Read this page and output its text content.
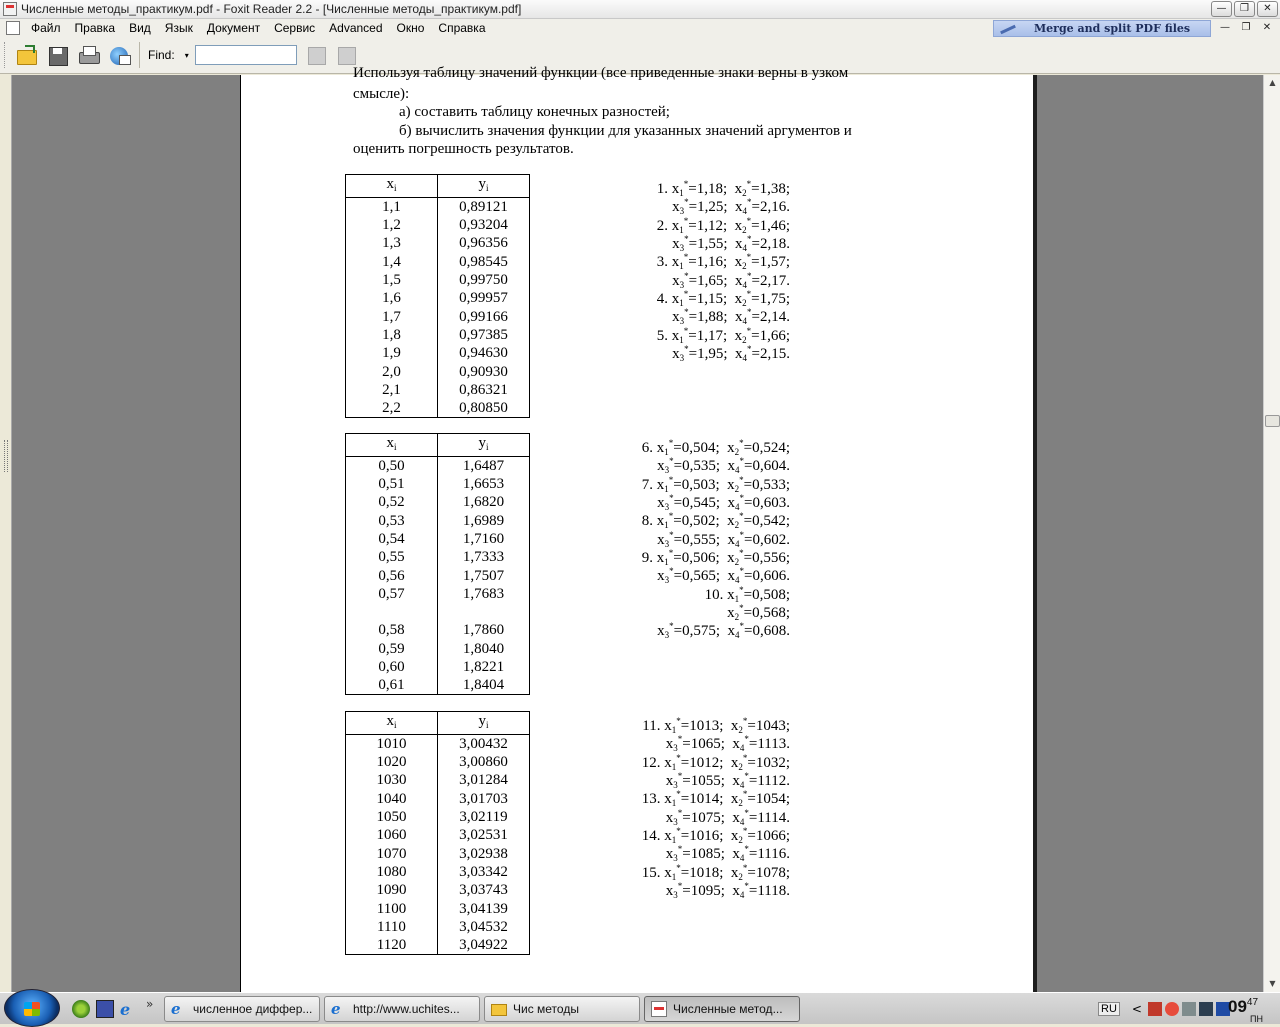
Численные методы_практикум.pdf - Foxit Reader 2.2 - [Численные методы_практикум.pdf]	—	❐	✕
Файл	Правка	Вид	Язык	Документ	Сервис	Advanced	Окно	Справка	Merge and split PDF files	—	❐	✕
Find: ▾
Используя таблицу значений функции (все приведенные знаки верны в узком
смысле):
а) составить таблицу конечных разностей;
б) вычислить значения функции для указанных значений аргументов и
оценить погрешность результатов.
$x_i$	$y_i$
1,1	0,89121
1,2	0,93204
1,3	0,96356
1,4	0,98545
1,5	0,99750
1,6	0,99957
1,7	0,99166
1,8	0,97385
1,9	0,94630
2,0	0,90930
2,1	0,86321
2,2	0,80850
$x_i$	$y_i$
0,50	1,6487
0,51	1,6653
0,52	1,6820
0,53	1,6989
0,54	1,7160
0,55	1,7333
0,56	1,7507
0,57	1,7683

0,58	1,7860
0,59	1,8040
0,60	1,8221
0,61	1,8404
$x_i$	$y_i$
1010	3,00432
1020	3,00860
1030	3,01284
1040	3,01703
1050	3,02119
1060	3,02531
1070	3,02938
1080	3,03342
1090	3,03743
1100	3,04139
1110	3,04532
1120	3,04922
1. $x_1^*=1,18$;  $x_2^*=1,38$;
$x_3^*=1,25$;  $x_4^*=2,16$.
2. $x_1^*=1,12$;  $x_2^*=1,46$;
$x_3^*=1,55$;  $x_4^*=2,18$.
3. $x_1^*=1,16$;  $x_2^*=1,57$;
$x_3^*=1,65$;  $x_4^*=2,17$.
4. $x_1^*=1,15$;  $x_2^*=1,75$;
$x_3^*=1,88$;  $x_4^*=2,14$.
5. $x_1^*=1,17$;  $x_2^*=1,66$;
$x_3^*=1,95$;  $x_4^*=2,15$.
6. $x_1^*=0,504$;  $x_2^*=0,524$;
$x_3^*=0,535$;  $x_4^*=0,604$.
7. $x_1^*=0,503$;  $x_2^*=0,533$;
$x_3^*=0,545$;  $x_4^*=0,603$.
8. $x_1^*=0,502$;  $x_2^*=0,542$;
$x_3^*=0,555$;  $x_4^*=0,602$.
9. $x_1^*=0,506$;  $x_2^*=0,556$;
$x_3^*=0,565$;  $x_4^*=0,606$.
10. $x_1^*=0,508$;
$x_2^*=0,568$;
$x_3^*=0,575$;  $x_4^*=0,608$.
11. $x_1^*=1013$;  $x_2^*=1043$;
$x_3^*=1065$;  $x_4^*=1113$.
12. $x_1^*=1012$;  $x_2^*=1032$;
$x_3^*=1055$;  $x_4^*=1112$.
13. $x_1^*=1014$;  $x_2^*=1054$;
$x_3^*=1075$;  $x_4^*=1114$.
14. $x_1^*=1016$;  $x_2^*=1066$;
$x_3^*=1085$;  $x_4^*=1116$.
15. $x_1^*=1018$;  $x_2^*=1078$;
$x_3^*=1095$;  $x_4^*=1118$.
▲
▼
e	» e	численное диффер... e	http://www.uchites...	Чис методы	Численные метод...	RU <	$09^{47}$
ПН
